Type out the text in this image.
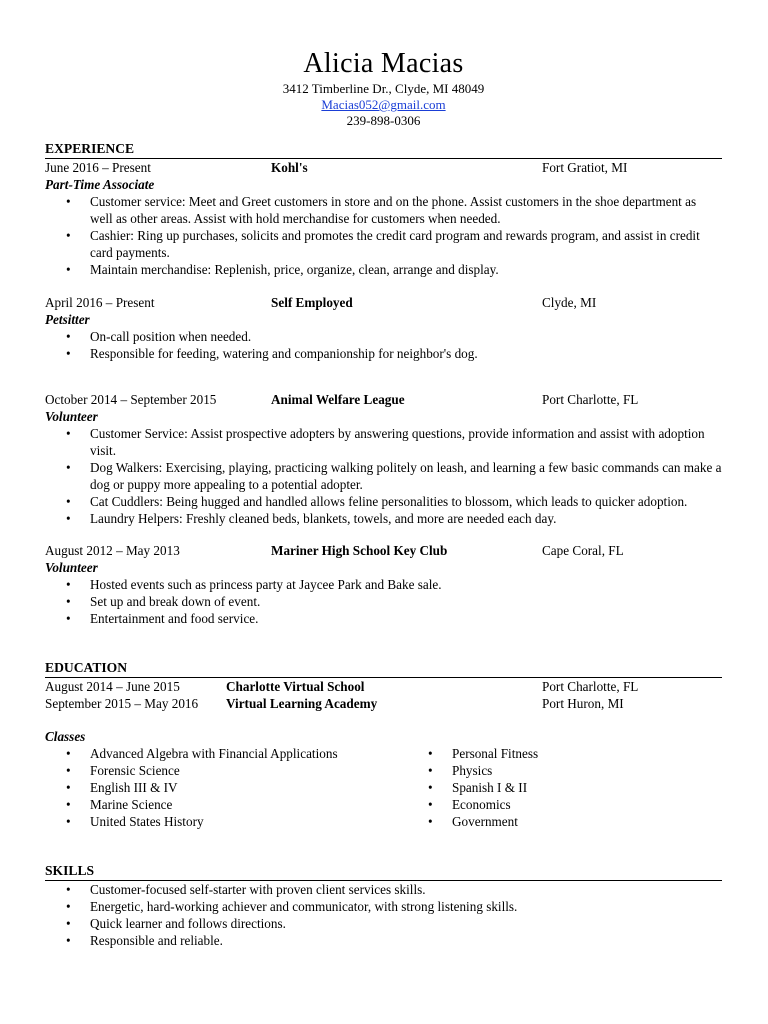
Alicia Macias
3412 Timberline Dr., Clyde, MI 48049
Macias052@gmail.com
239-898-0306
EXPERIENCE
June 2016 – Present	Kohl's	Fort Gratiot, MI
Part-Time Associate
• Customer service: Meet and Greet customers in store and on the phone. Assist customers in the shoe department as well as other areas. Assist with hold merchandise for customers when needed.
• Cashier: Ring up purchases, solicits and promotes the credit card program and rewards program, and assist in credit card payments.
• Maintain merchandise: Replenish, price, organize, clean, arrange and display.
April 2016 – Present	Self Employed	Clyde, MI
Petsitter
• On-call position when needed.
• Responsible for feeding, watering and companionship for neighbor's dog.
October 2014 – September 2015	Animal Welfare League	Port Charlotte, FL
Volunteer
• Customer Service: Assist prospective adopters by answering questions, provide information and assist with adoption visit.
• Dog Walkers: Exercising, playing, practicing walking politely on leash, and learning a few basic commands can make a dog or puppy more appealing to a potential adopter.
• Cat Cuddlers: Being hugged and handled allows feline personalities to blossom, which leads to quicker adoption.
• Laundry Helpers: Freshly cleaned beds, blankets, towels, and more are needed each day.
August 2012 – May 2013	Mariner High School Key Club	Cape Coral, FL
Volunteer
• Hosted events such as princess party at Jaycee Park and Bake sale.
• Set up and break down of event.
• Entertainment and food service.
EDUCATION
August 2014 – June 2015	Charlotte Virtual School	Port Charlotte, FL
September 2015 – May 2016	Virtual Learning Academy	Port Huron, MI
Classes
• Advanced Algebra with Financial Applications
• Forensic Science
• English III & IV
• Marine Science
• United States History
• Personal Fitness
• Physics
• Spanish I & II
• Economics
• Government
SKILLS
• Customer-focused self-starter with proven client services skills.
• Energetic, hard-working achiever and communicator, with strong listening skills.
• Quick learner and follows directions.
• Responsible and reliable.
